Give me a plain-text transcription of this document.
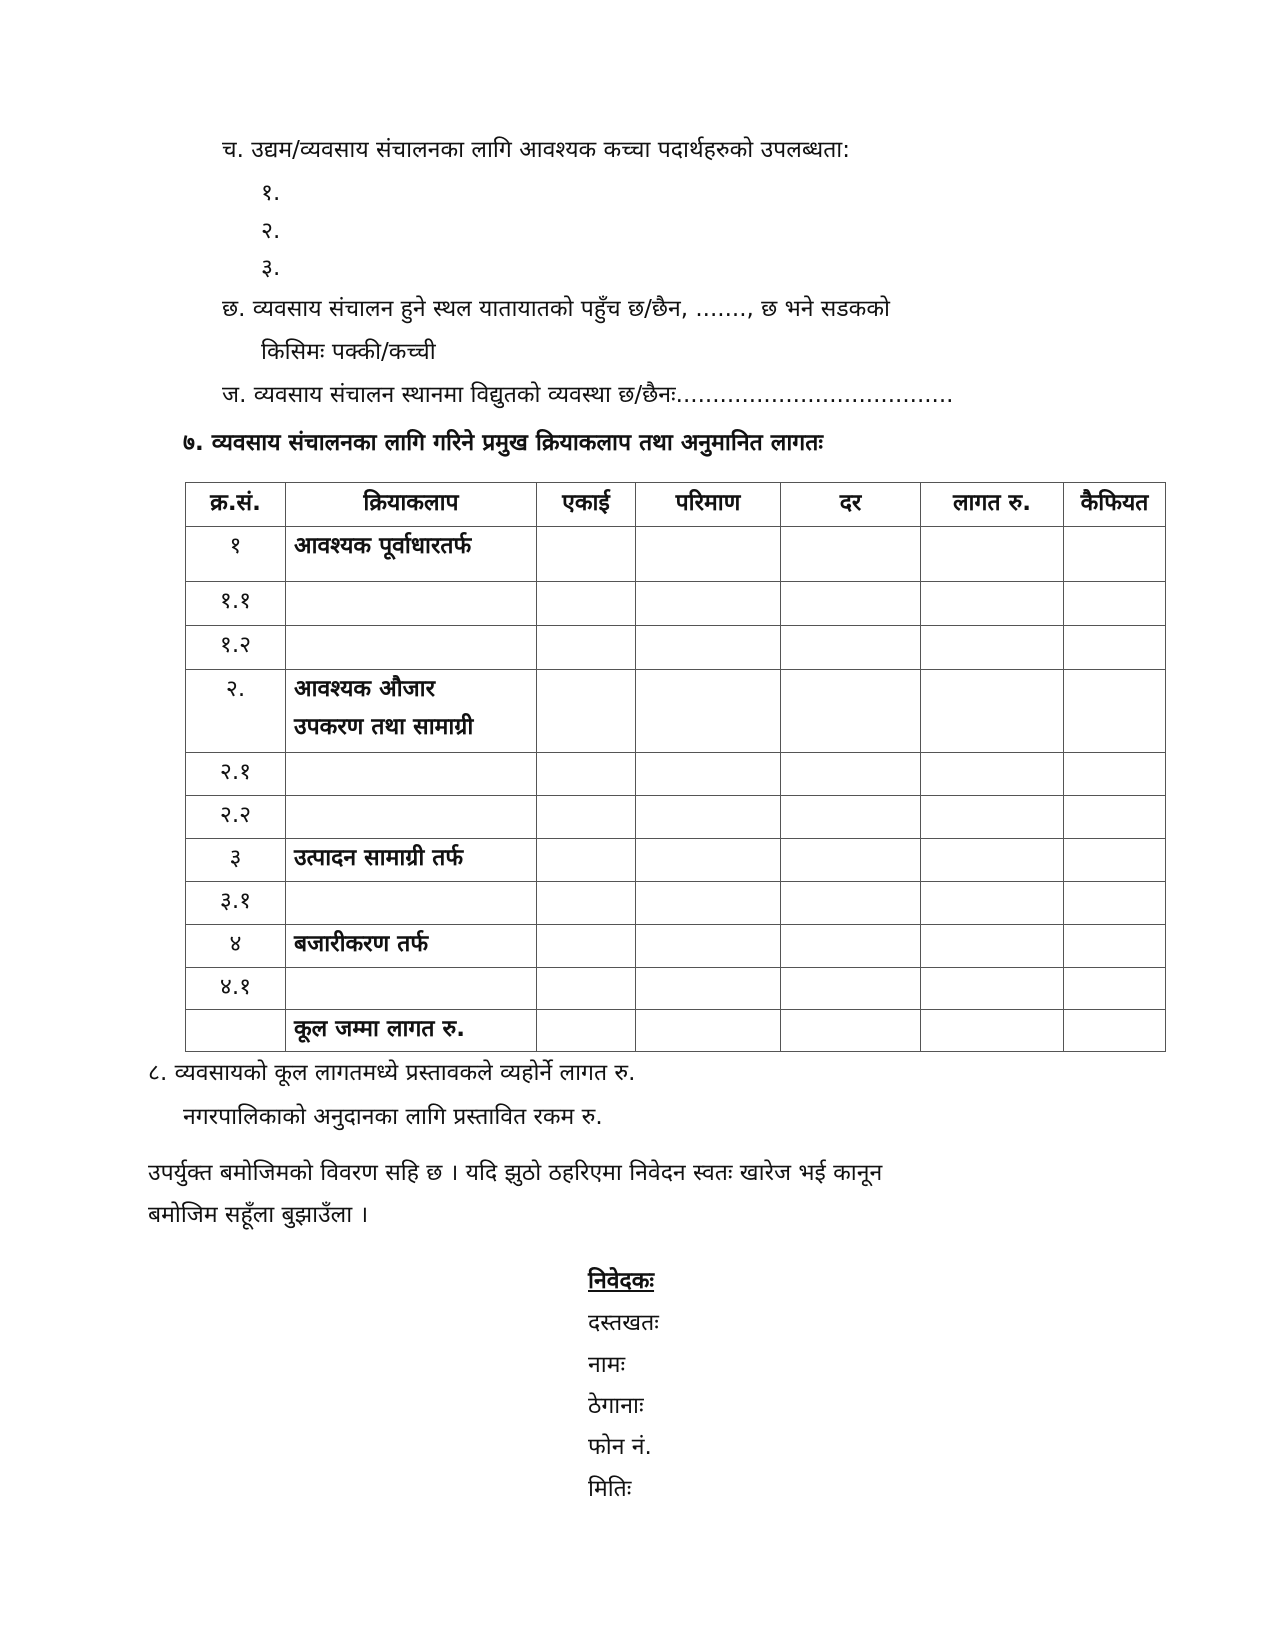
च. उद्यम/व्यवसाय संचालनका लागि आवश्यक कच्चा पदार्थहरुको उपलब्धता:
१.
२.
३.
छ. व्यवसाय संचालन हुने स्थल यातायातको पहुँच छ/छैन, ......., छ भने सडकको
किसिमः पक्की/कच्ची
ज. व्यवसाय संचालन स्थानमा विद्युतको व्यवस्था छ/छैनः......................................
७. व्यवसाय संचालनका लागि गरिने प्रमुख क्रियाकलाप तथा अनुमानित लागतः
क्र.सं.	क्रियाकलाप	एकाई	परिमाण	दर	लागत रु.	कैफियत
१	आवश्यक पूर्वाधारतर्फ					
१.१						
१.२						
२.	आवश्यक औजार
उपकरण तथा सामाग्री					

२.१						
२.२						
३	उत्पादन सामाग्री तर्फ					
३.१						
४	बजारीकरण तर्फ					
४.१						
	कूल जम्मा लागत रु.					
८. व्यवसायको कूल लागतमध्ये प्रस्तावकले व्यहोर्ने लागत रु.
नगरपालिकाको अनुदानका लागि प्रस्तावित रकम रु.
उपर्युक्त बमोजिमको विवरण सहि छ । यदि झुठो ठहरिएमा निवेदन स्वतः खारेज भई कानून
बमोजिम सहूँला बुझाउँला ।
निवेदकः
दस्तखतः
नामः
ठेगानाः
फोन नं.
मितिः
